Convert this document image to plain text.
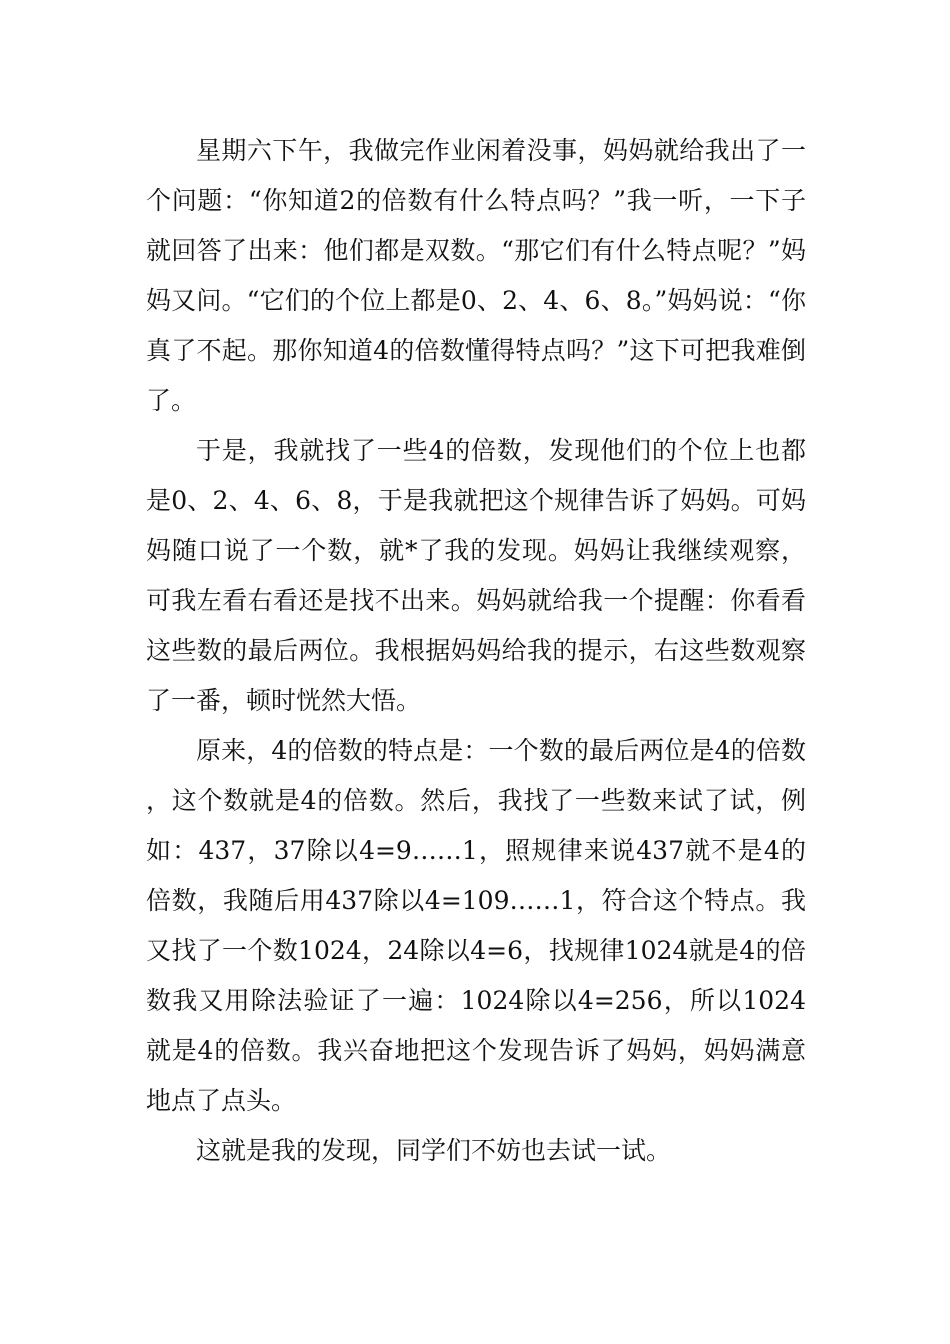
星期六下午，我做完作业闲着没事，妈妈就给我出了一个问题：“你知道2的倍数有什么特点吗？”我一听，一下子就回答了出来：他们都是双数。“那它们有什么特点呢？”妈妈又问。“它们的个位上都是0、2、4、6、8。”妈妈说：“你真了不起。那你知道4的倍数懂得特点吗？”这下可把我难倒了。

于是，我就找了一些4的倍数，发现他们的个位上也都是0、2、4、6、8，于是我就把这个规律告诉了妈妈。可妈妈随口说了一个数，就*了我的发现。妈妈让我继续观察，可我左看右看还是找不出来。妈妈就给我一个提醒：你看看这些数的最后两位。我根据妈妈给我的提示，右这些数观察了一番，顿时恍然大悟。

原来，4的倍数的特点是：一个数的最后两位是4的倍数，这个数就是4的倍数。然后，我找了一些数来试了试，例如：437，37除以4=9……1，照规律来说437就不是4的倍数，我随后用437除以4=109……1，符合这个特点。我又找了一个数1024，24除以4=6，找规律1024就是4的倍数我又用除法验证了一遍：1024除以4=256，所以1024就是4的倍数。我兴奋地把这个发现告诉了妈妈，妈妈满意地点了点头。

这就是我的发现，同学们不妨也去试一试。
